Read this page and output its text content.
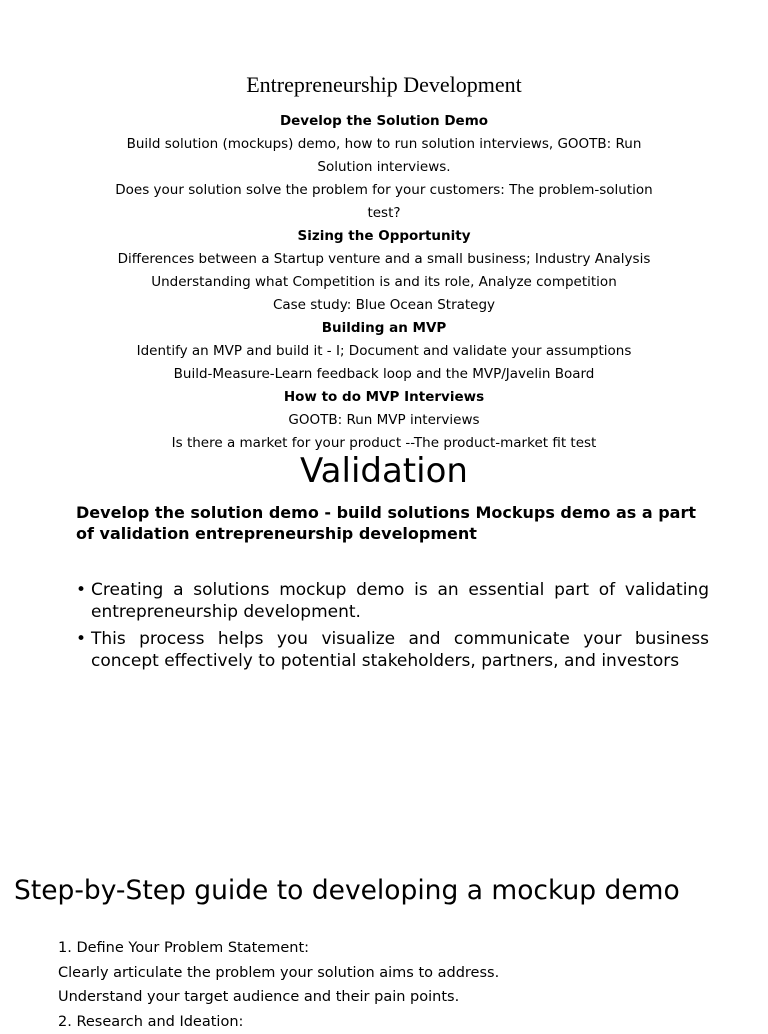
Entrepreneurship Development
Develop the Solution Demo
Build solution (mockups) demo, how to run solution interviews, GOOTB: Run Solution interviews.
Does your solution solve the problem for your customers: The problem-solution test?
Sizing the Opportunity
Differences between a Startup venture and a small business; Industry Analysis
Understanding what Competition is and its role, Analyze competition
Case study: Blue Ocean Strategy
Building an MVP
Identify an MVP and build it - I; Document and validate your assumptions
Build-Measure-Learn feedback loop and the MVP/Javelin Board
How to do MVP Interviews
GOOTB: Run MVP interviews
Is there a market for your product --The product-market fit test
Validation
Develop the solution demo - build solutions Mockups demo as a part of validation entrepreneurship development
• Creating a solutions mockup demo is an essential part of validating entrepreneurship development.
• This process helps you visualize and communicate your business concept effectively to potential stakeholders, partners, and investors
Step-by-Step guide to developing a mockup demo
1. Define Your Problem Statement:
Clearly articulate the problem your solution aims to address.
Understand your target audience and their pain points.
2. Research and Ideation:
